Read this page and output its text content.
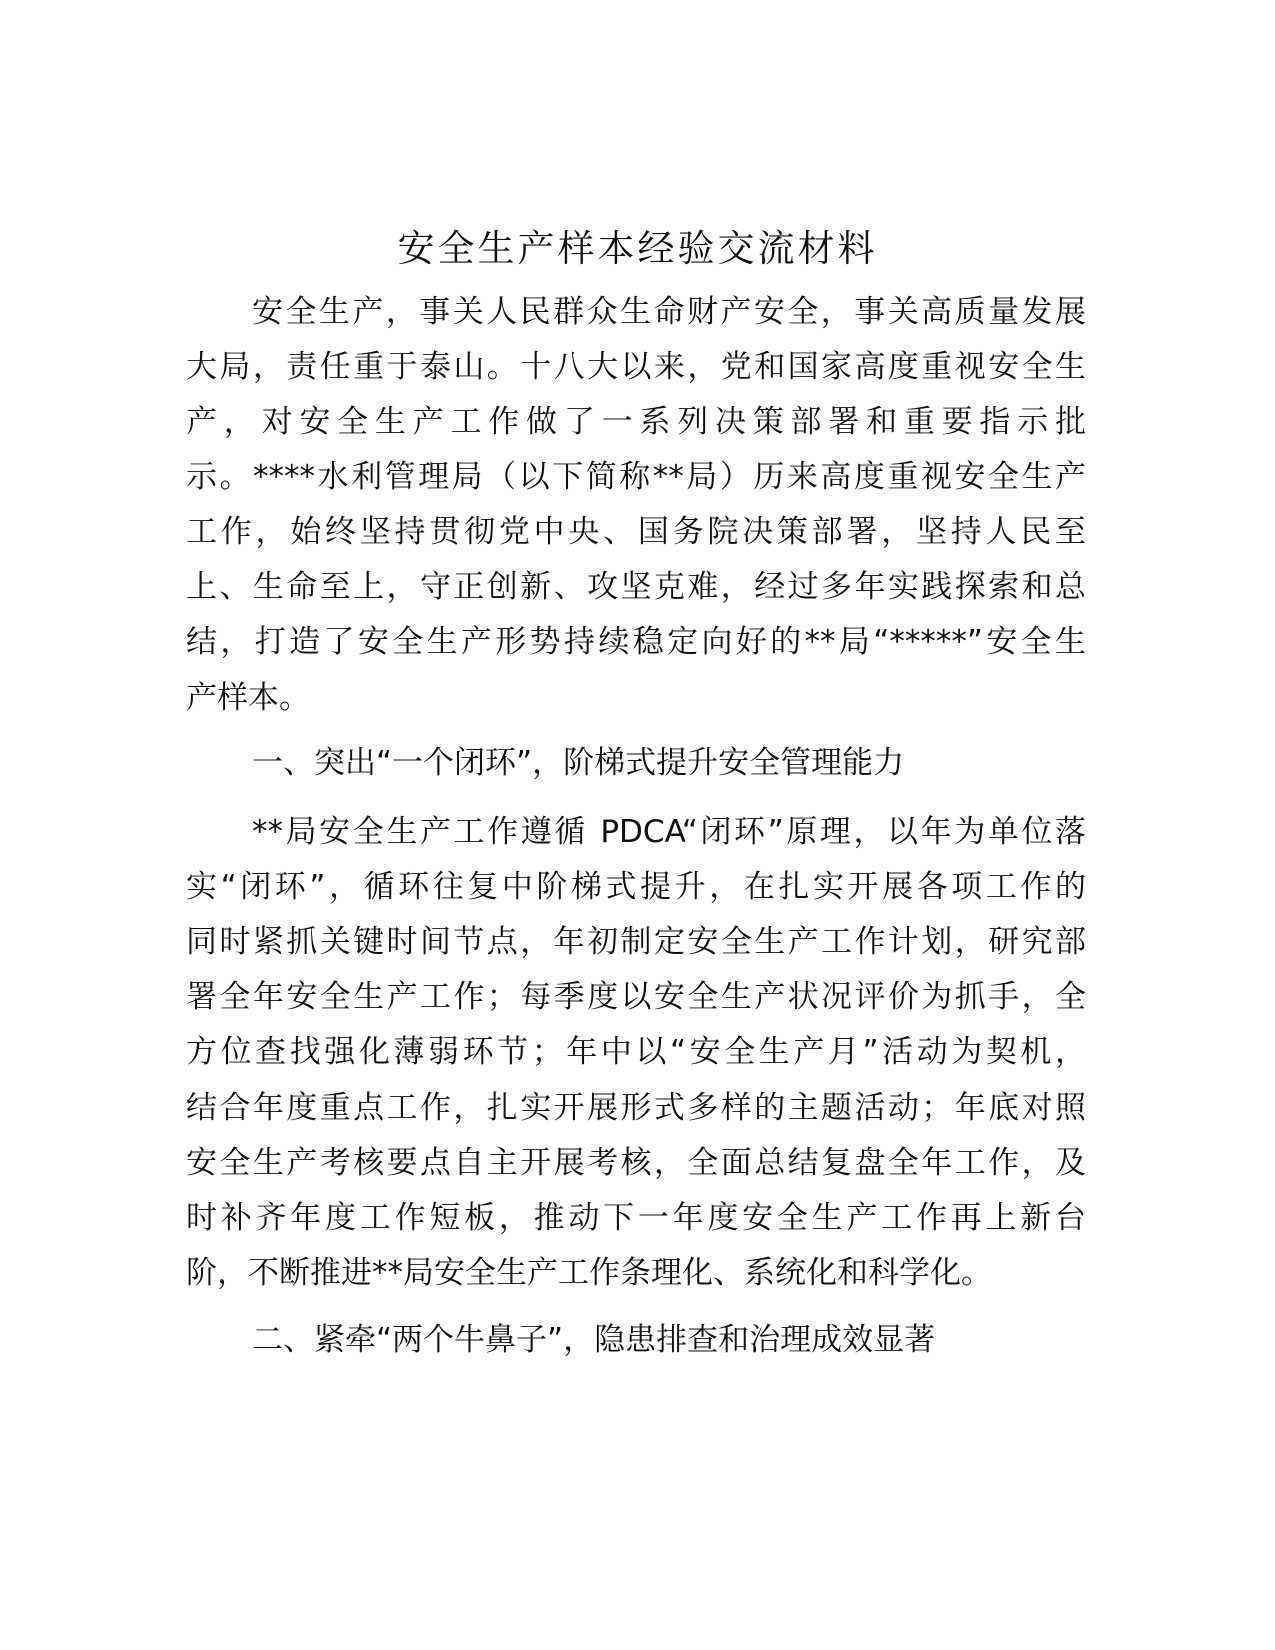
安全生产样本经验交流材料
安全生产，事关人民群众生命财产安全，事关高质量发展
大局，责任重于泰山。十八大以来，党和国家高度重视安全生
产，对安全生产工作做了一系列决策部署和重要指示批
示。****水利管理局（以下简称**局）历来高度重视安全生产
工作，始终坚持贯彻党中央、国务院决策部署，坚持人民至
上、生命至上，守正创新、攻坚克难，经过多年实践探索和总
结，打造了安全生产形势持续稳定向好的**局“*****”安全生
产样本。
一、突出“一个闭环”，阶梯式提升安全管理能力
**局安全生产工作遵循 PDCA“闭环”原理，以年为单位落
实“闭环”，循环往复中阶梯式提升，在扎实开展各项工作的
同时紧抓关键时间节点，年初制定安全生产工作计划，研究部
署全年安全生产工作；每季度以安全生产状况评价为抓手，全
方位查找强化薄弱环节；年中以“安全生产月”活动为契机，
结合年度重点工作，扎实开展形式多样的主题活动；年底对照
安全生产考核要点自主开展考核，全面总结复盘全年工作，及
时补齐年度工作短板，推动下一年度安全生产工作再上新台
阶，不断推进**局安全生产工作条理化、系统化和科学化。
二、紧牵“两个牛鼻子”，隐患排查和治理成效显著
